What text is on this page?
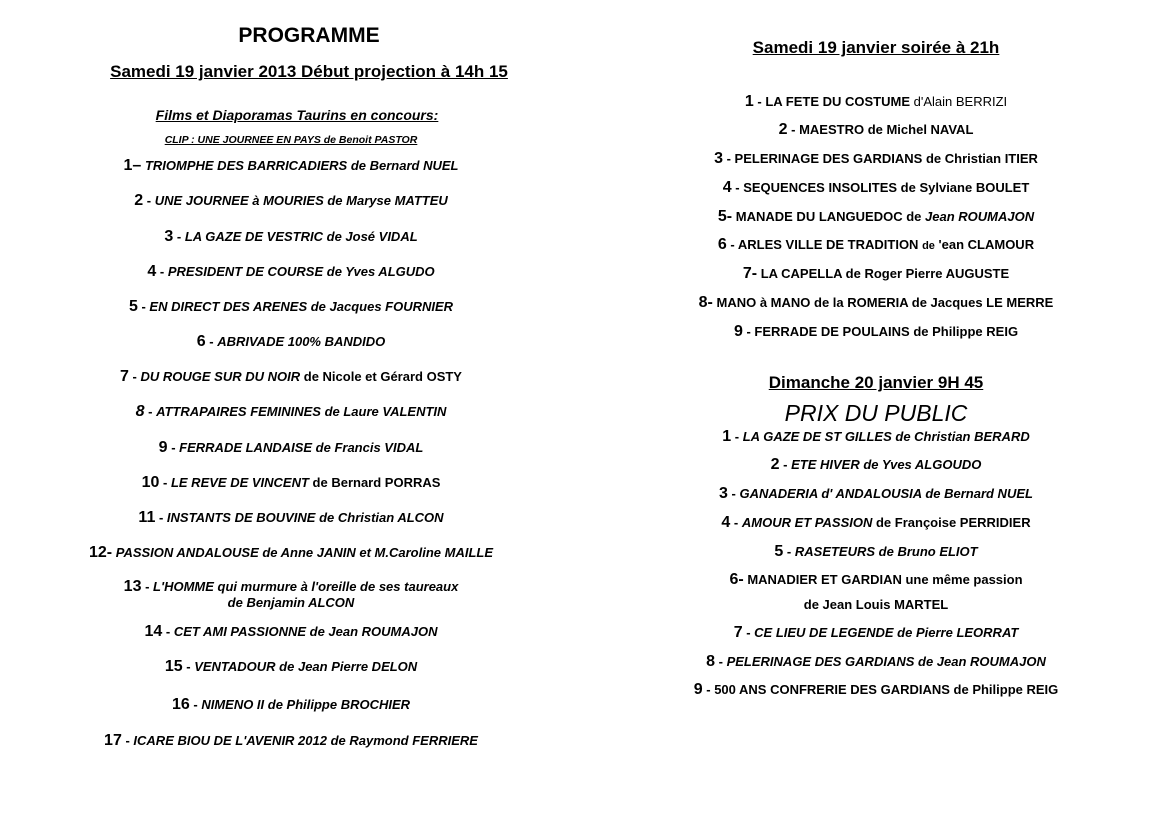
PROGRAMME
Samedi 19 janvier 2013 Début projection à 14h 15
Films et Diaporamas Taurins en concours:
CLIP : UNE JOURNEE EN PAYS de Benoit PASTOR
1– TRIOMPHE DES BARRICADIERS de Bernard NUEL
2 - UNE JOURNEE à MOURIES de Maryse MATTEU
3 - LA GAZE DE VESTRIC de José VIDAL
4 - PRESIDENT DE COURSE de Yves ALGUDO
5 - EN DIRECT DES ARENES de Jacques FOURNIER
6 - ABRIVADE 100% BANDIDO
7 - DU ROUGE SUR DU NOIR de Nicole et Gérard OSTY
8 - ATTRAPAIRES FEMININES de Laure VALENTIN
9 - FERRADE LANDAISE de Francis VIDAL
10 - LE REVE DE VINCENT de Bernard PORRAS
11 - INSTANTS DE BOUVINE de Christian ALCON
12- PASSION ANDALOUSE de Anne JANIN et M.Caroline MAILLE
13 - L'HOMME qui murmure à l'oreille de ses taureaux
de Benjamin ALCON
14 - CET AMI PASSIONNE de Jean ROUMAJON
15 - VENTADOUR de Jean Pierre DELON
16 - NIMENO II de Philippe BROCHIER
17 - ICARE BIOU DE L'AVENIR 2012 de Raymond FERRIERE
Samedi 19 janvier soirée à 21h
1 - LA FETE DU COSTUME d'Alain BERRIZI
2 - MAESTRO de Michel NAVAL
3 - PELERINAGE DES GARDIANS de Christian ITIER
4 - SEQUENCES INSOLITES de Sylviane BOULET
5- MANADE DU LANGUEDOC de Jean ROUMAJON
6 - ARLES VILLE DE TRADITION de 'ean CLAMOUR
7- LA CAPELLA de Roger Pierre AUGUSTE
8- MANO à MANO de la ROMERIA de Jacques LE MERRE
9 - FERRADE DE POULAINS de Philippe REIG
Dimanche 20 janvier 9H 45
PRIX DU PUBLIC
1 - LA GAZE DE ST GILLES de Christian BERARD
2 - ETE HIVER de Yves ALGOUDO
3 - GANADERIA d' ANDALOUSIA de Bernard NUEL
4 - AMOUR ET PASSION de Françoise PERRIDIER
5 - RASETEURS de Bruno ELIOT
6- MANADIER ET GARDIAN une même passion
de Jean Louis MARTEL
7 - CE LIEU DE LEGENDE de Pierre LEORRAT
8 - PELERINAGE DES GARDIANS de Jean ROUMAJON
9 - 500 ANS CONFRERIE DES GARDIANS de Philippe REIG
